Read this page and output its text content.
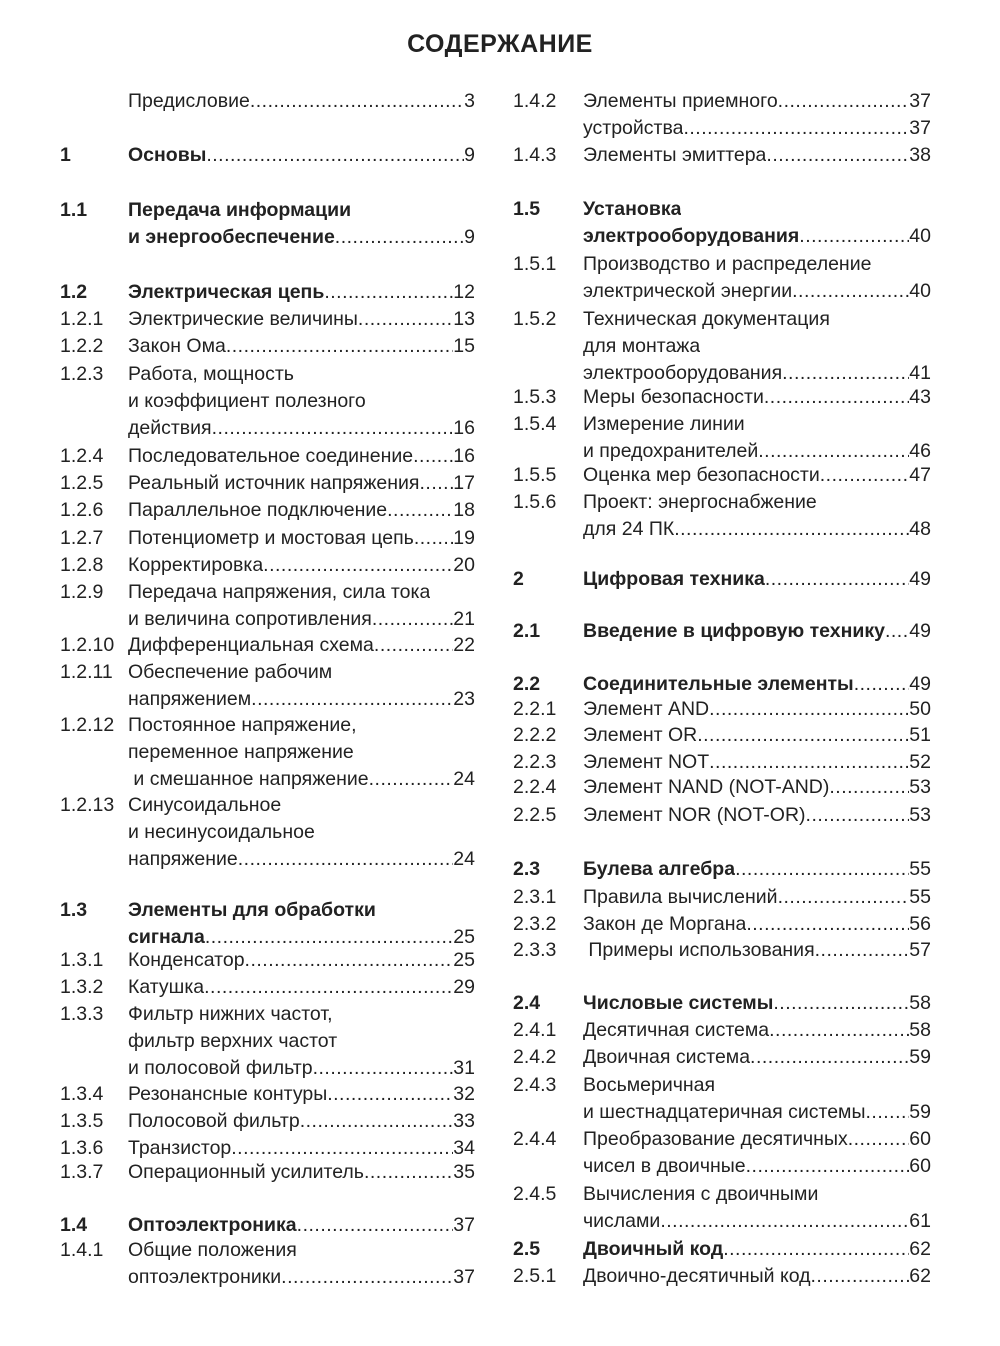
СОДЕРЖАНИЕ
Предисловие .....	3
1	Основы .....	9
1.1	Передача информации
и энергообеспечение .....	9
1.2	Электрическая цепь .....	12
1.2.1	Электрические величины .....	13
1.2.2	Закон Ома .....	15
1.2.3	Работа, мощность
и коэффициент полезного
действия .....	16
1.2.4	Последовательное соединение ..... 16
1.2.5	Реальный источник напряжения ..... 17
1.2.6	Параллельное подключение .....	18
1.2.7	Потенциометр и мостовая цепь ..... 19
1.2.8	Корректировка .....	20
1.2.9	Передача напряжения, сила тока
и величина сопротивления .....	21
1.2.10 Дифференциальная схема .....	22
1.2.11 Обеспечение рабочим
напряжением .....	23
1.2.12 Постоянное напряжение,
переменное напряжение
и смешанное напряжение .....	24
1.2.13 Синусоидальное
и несинусоидальное
напряжение .....	24
1.3	Элементы для обработки
сигнала .....	25
1.3.1	Конденсатор .....	25
1.3.2	Катушка .....	29
1.3.3	Фильтр нижних частот,
фильтр верхних частот
и полосовой фильтр .....	31
1.3.4	Резонансные контуры .....	32
1.3.5	Полосовой фильтр .....	33
1.3.6	Транзистор .....	34
1.3.7	Операционный усилитель .....	35
1.4	Оптоэлектроника .....	37
1.4.1	Общие положения
оптоэлектроники .....	37
1.4.2	Элементы приемного .....	37
устройства .....	37
1.4.3	Элементы эмиттера .....	38
1.5	Установка
электрооборудования .....	40
1.5.1	Производство и распределение
электрической энергии .....	40
1.5.2	Техническая документация
для монтажа
электрооборудования .....	41
1.5.3	Меры безопасности .....	43
1.5.4	Измерение линии
и предохранителей .....	46
1.5.5	Оценка мер безопасности .....	47
1.5.6	Проект: энергоснабжение
для 24 ПК .....	48
2	Цифровая техника .....	49
2.1	Введение в цифровую технику ..... 49
2.2	Соединительные элементы .....	49
2.2.1	Элемент AND .....	50
2.2.2	Элемент OR .....	51
2.2.3	Элемент NOT .....	52
2.2.4	Элемент NAND (NOT-AND) .....	53
2.2.5	Элемент NOR (NOT-OR) .....	53
2.3	Булева алгебра .....	55
2.3.1	Правила вычислений .....	55
2.3.2	Закон де Моргана .....	56
2.3.3	Примеры использования .....	57
2.4	Числовые системы .....	58
2.4.1	Десятичная система .....	58
2.4.2	Двоичная система .....	59
2.4.3	Восьмеричная
и шестнадцатеричная системы ..... 59
2.4.4	Преобразование десятичных .....	60
чисел в двоичные .....	60
2.4.5	Вычисления с двоичными
числами .....	61
2.5	Двоичный код .....	62
2.5.1	Двоично-десятичный код .....	62
